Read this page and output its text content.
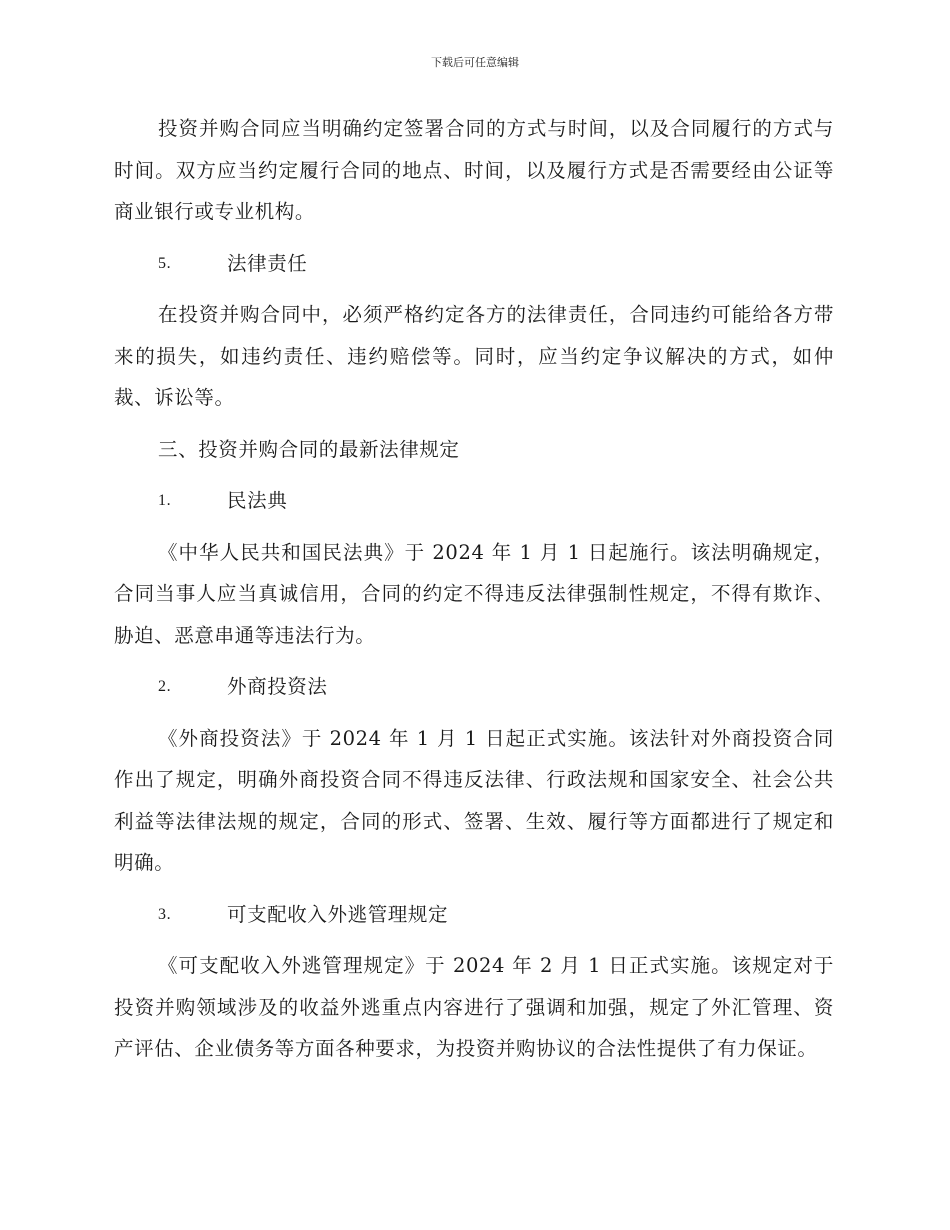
下载后可任意编辑

投资并购合同应当明确约定签署合同的方式与时间，以及合同履行的方式与时间。双方应当约定履行合同的地点、时间，以及履行方式是否需要经由公证等商业银行或专业机构。

5.	法律责任

在投资并购合同中，必须严格约定各方的法律责任，合同违约可能给各方带来的损失，如违约责任、违约赔偿等。同时，应当约定争议解决的方式，如仲裁、诉讼等。

三、投资并购合同的最新法律规定
1.	民法典

《中华人民共和国民法典》于 2024 年 1 月 1 日起施行。该法明确规定，合同当事人应当真诚信用，合同的约定不得违反法律强制性规定，不得有欺诈、胁迫、恶意串通等违法行为。

2.	外商投资法

《外商投资法》于 2024 年 1 月 1 日起正式实施。该法针对外商投资合同作出了规定，明确外商投资合同不得违反法律、行政法规和国家安全、社会公共利益等法律法规的规定，合同的形式、签署、生效、履行等方面都进行了规定和明确。

3.	可支配收入外逃管理规定

《可支配收入外逃管理规定》于 2024 年 2 月 1 日正式实施。该规定对于投资并购领域涉及的收益外逃重点内容进行了强调和加强，规定了外汇管理、资产评估、企业债务等方面各种要求，为投资并购协议的合法性提供了有力保证。
